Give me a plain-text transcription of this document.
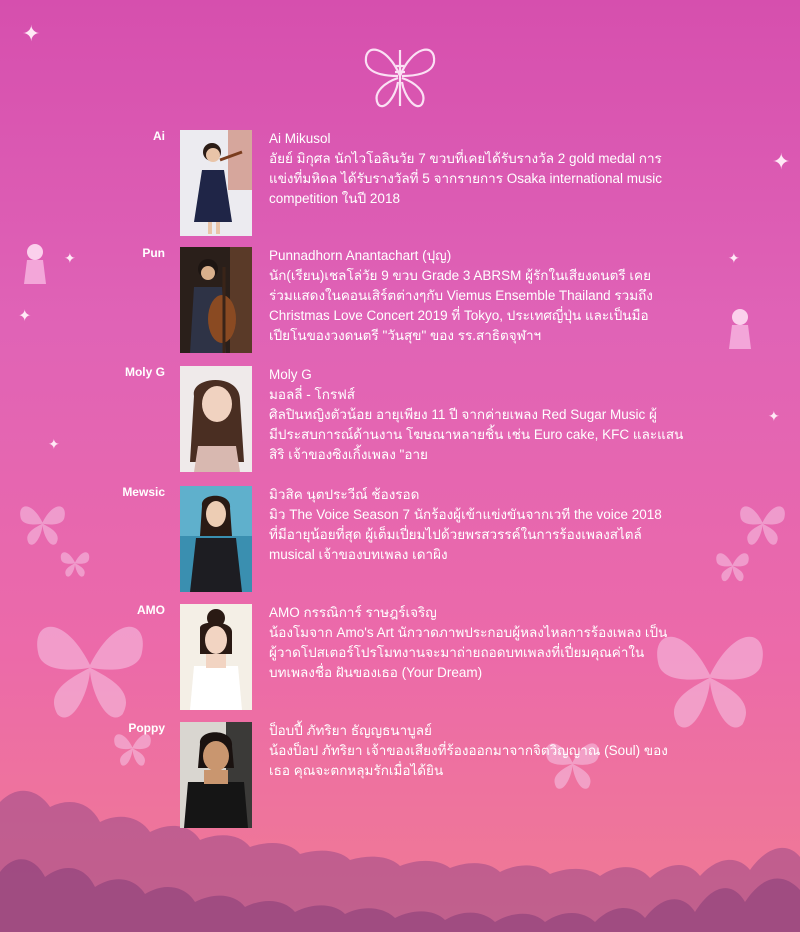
✦
✦
✦
✦
✦
✦	✦
Ai	Ai Mikusol
อัยย์ มิกุศล นักไวโอลินวัย 7 ขวบที่เคยได้รับรางวัล 2 gold medal การ
แข่งที่มหิดล ได้รับรางวัลที่ 5 จากรายการ Osaka international music
competition ในปี 2018
Pun	Punnadhorn Anantachart (ปุญ)
นัก(เรียน)เชลโล่วัย 9 ขวบ Grade 3 ABRSM ผู้รักในเสียงดนตรี เคย
ร่วมแสดงในคอนเสิร์ตต่างๆกับ Viemus Ensemble Thailand รวมถึง
Christmas Love Concert 2019 ที่ Tokyo, ประเทศญี่ปุ่น และเป็นมือ
เปียโนของวงดนตรี "วันสุข" ของ รร.สาธิตจุฬาฯ
Moly G	Moly G
มอลลี่ - โกรฟส์
ศิลปินหญิงตัวน้อย อายุเพียง 11 ปี จากค่ายเพลง Red Sugar Music ผู้
มีประสบการณ์ด้านงาน โฆษณาหลายชิ้น เช่น Euro cake, KFC และแสน
สิริ เจ้าของซิงเกิ้งเพลง "อาย
Mewsic	มิวสิค นุตประวีณ์ ช้องรอด
มิว The Voice Season 7 นักร้องผู้เข้าแข่งขันจากเวที the voice 2018
ที่มีอายุน้อยที่สุด ผู้เต็มเปี่ยมไปด้วยพรสวรรค์ในการร้องเพลงสไตล์
musical เจ้าของบทเพลง เดาผิง
AMO	AMO กรรณิการ์ ราษฎร์เจริญ
น้องโมจาก Amo's Art นักวาดภาพประกอบผู้หลงไหลการร้องเพลง เป็น
ผู้วาดโปสเตอร์โปรโมทงานจะมาถ่ายถอดบทเพลงที่เปี่ยมคุณค่าใน
บทเพลงชื่อ ฝันของเธอ (Your Dream)
Poppy	ป็อบปี้ ภัทริยา ธัญญธนาบูลย์
น้องป็อป ภัทริยา เจ้าของเสียงที่ร้องออกมาจากจิตวิญญาณ (Soul) ของ
เธอ คุณจะตกหลุมรักเมื่อได้ยิน
